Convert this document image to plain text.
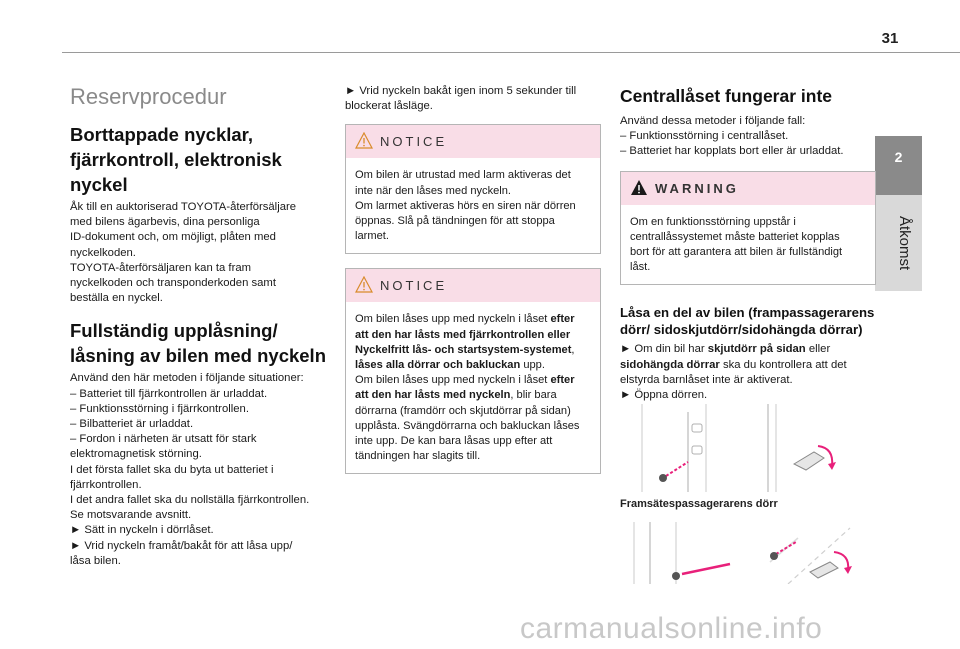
31
2
Åtkomst
Reservprocedur
Borttappade nycklar, fjärrkontroll, elektronisk nyckel

Åk till en auktoriserad TOYOTA-återförsäljare

med bilens ägarbevis, dina personliga

ID-dokument och, om möjligt, plåten med

nyckelkoden.

TOYOTA-återförsäljaren kan ta fram

nyckelkoden och transponderkoden samt

beställa en nyckel.

Fullständig upplåsning/ låsning av bilen med nyckeln

Använd den här metoden i följande situationer:

– Batteriet till fjärrkontrollen är urladdat.

– Funktionsstörning i fjärrkontrollen.

– Bilbatteriet är urladdat.

– Fordon i närheten är utsatt för stark

elektromagnetisk störning.

I det första fallet ska du byta ut batteriet i

fjärrkontrollen.

I det andra fallet ska du nollställa fjärrkontrollen.

Se motsvarande avsnitt.

► Sätt in nyckeln i dörrlåset.

► Vrid nyckeln framåt/bakåt för att låsa upp/

låsa bilen.

► Vrid nyckeln bakåt igen inom 5 sekunder till

blockerat låsläge.

NOTICE

Om bilen är utrustad med larm aktiveras det

inte när den låses med nyckeln.

Om larmet aktiveras hörs en siren när dörren

öppnas. Slå på tändningen för att stoppa

larmet.

NOTICE

Om bilen låses upp med nyckeln i låset efter

att den har låsts med fjärrkontrollen eller

Nyckelfritt lås- och startsystem-systemet,

låses alla dörrar och bakluckan upp.

Om bilen låses upp med nyckeln i låset efter

att den har låsts med nyckeln, blir bara

dörrarna (framdörr och skjutdörrar på sidan)

upplåsta. Svängdörrarna och bakluckan låses

inte upp. De kan bara låsas upp efter att

tändningen har slagits till.

Centrallåset fungerar inte

Använd dessa metoder i följande fall:

– Funktionsstörning i centrallåset.

– Batteriet har kopplats bort eller är urladdat.

WARNING

Om en funktionsstörning uppstår i

centrallåssystemet måste batteriet kopplas

bort för att garantera att bilen är fullständigt

låst.

Låsa en del av bilen (frampassagerarens dörr/ sidoskjutdörr/sidohängda dörrar)

► Om din bil har skjutdörr på sidan eller

sidohängda dörrar ska du kontrollera att det

elstyrda barnlåset inte är aktiverat.

► Öppna dörren.

Framsätespassagerarens dörr
carmanualsonline.info
